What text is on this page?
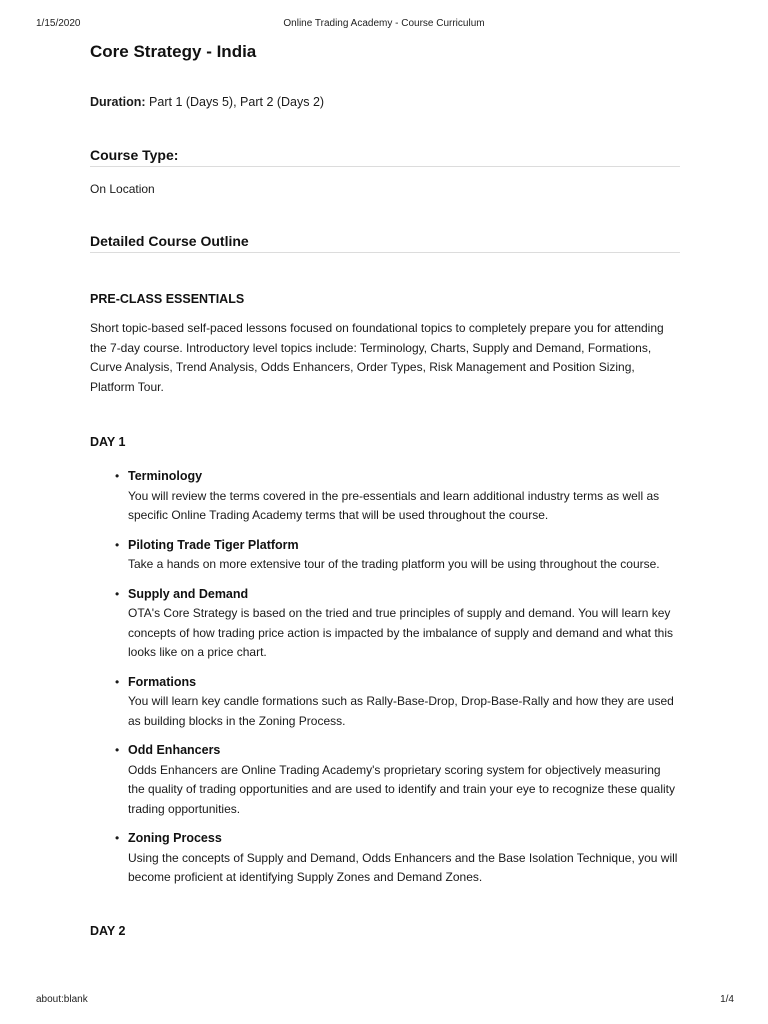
1/15/2020	Online Trading Academy - Course Curriculum
Core Strategy - India
Duration: Part 1 (Days 5), Part 2 (Days 2)
Course Type:
On Location
Detailed Course Outline
PRE-CLASS ESSENTIALS
Short topic-based self-paced lessons focused on foundational topics to completely prepare you for attending the 7-day course. Introductory level topics include: Terminology, Charts, Supply and Demand, Formations, Curve Analysis, Trend Analysis, Odds Enhancers, Order Types, Risk Management and Position Sizing, Platform Tour.
DAY 1
• Terminology
You will review the terms covered in the pre-essentials and learn additional industry terms as well as specific Online Trading Academy terms that will be used throughout the course.
• Piloting Trade Tiger Platform
Take a hands on more extensive tour of the trading platform you will be using throughout the course.
• Supply and Demand
OTA's Core Strategy is based on the tried and true principles of supply and demand. You will learn key concepts of how trading price action is impacted by the imbalance of supply and demand and what this looks like on a price chart.
• Formations
You will learn key candle formations such as Rally-Base-Drop, Drop-Base-Rally and how they are used as building blocks in the Zoning Process.
• Odd Enhancers
Odds Enhancers are Online Trading Academy's proprietary scoring system for objectively measuring the quality of trading opportunities and are used to identify and train your eye to recognize these quality trading opportunities.
• Zoning Process
Using the concepts of Supply and Demand, Odds Enhancers and the Base Isolation Technique, you will become proficient at identifying Supply Zones and Demand Zones.
DAY 2
about:blank	1/4
